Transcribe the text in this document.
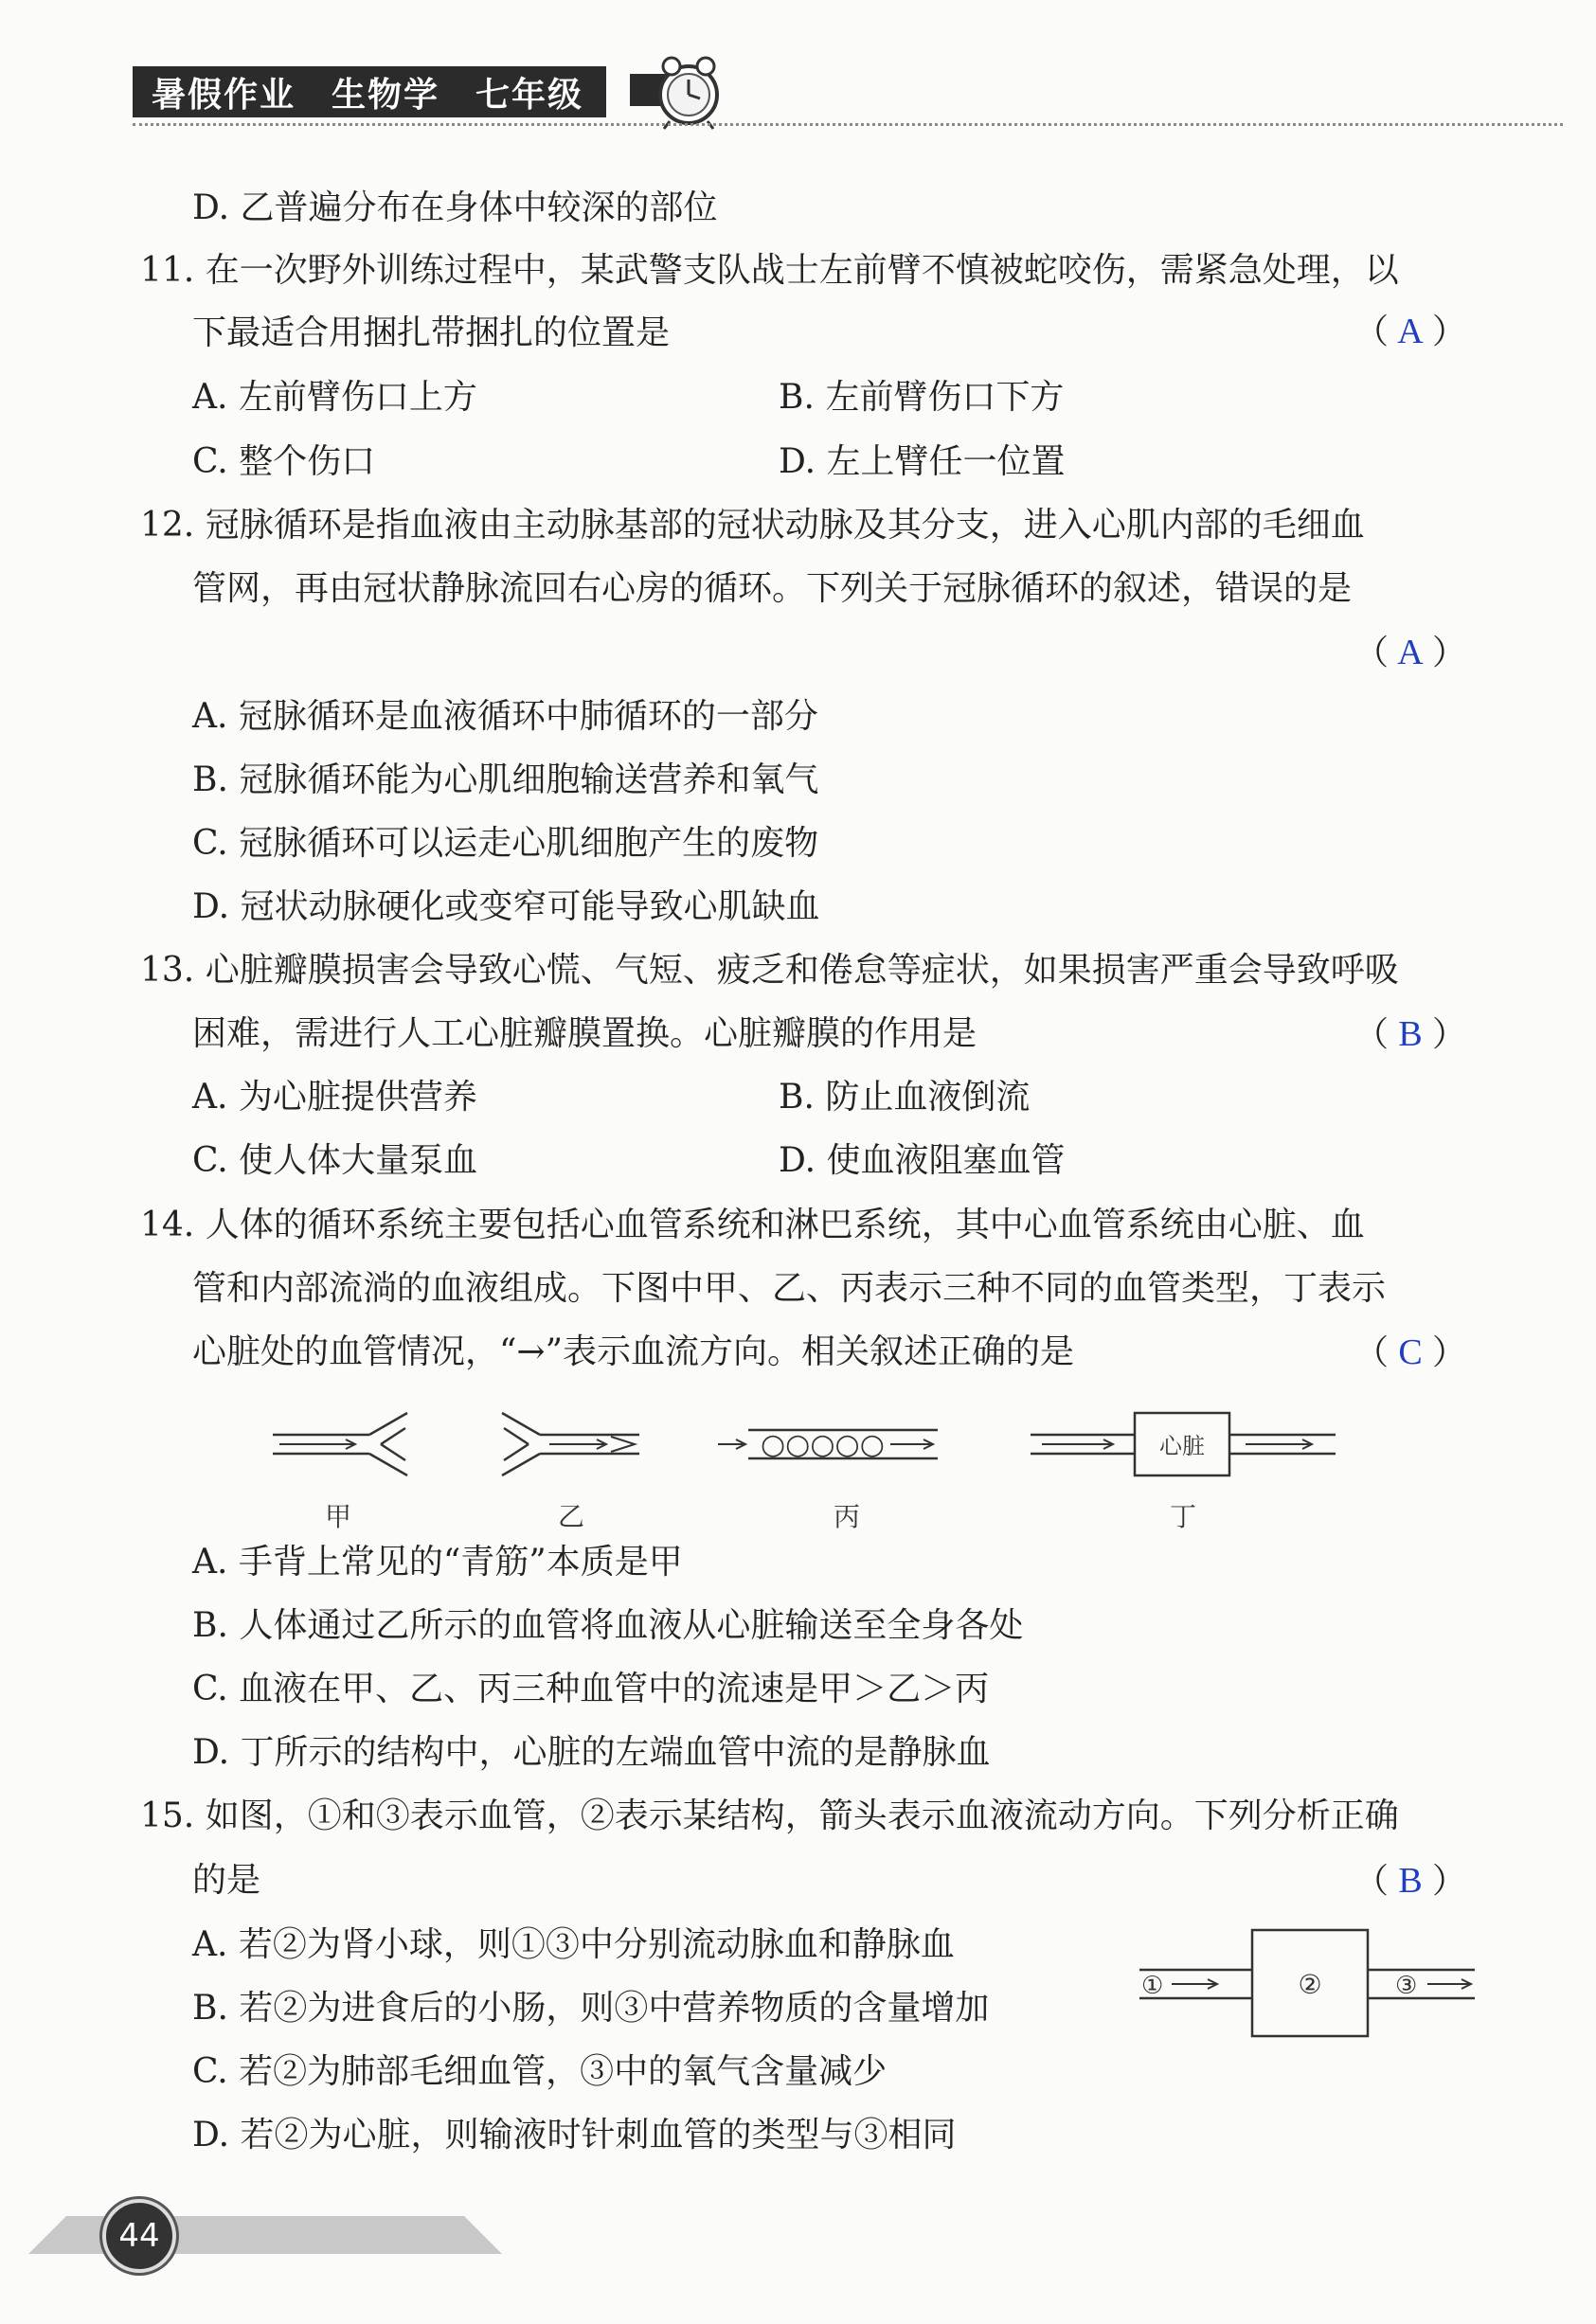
暑假作业　生物学　七年级
D. 乙普遍分布在身体中较深的部位
11. 在一次野外训练过程中，某武警支队战士左前臂不慎被蛇咬伤，需紧急处理，以
下最适合用捆扎带捆扎的位置是	（ A ）
A. 左前臂伤口上方	B. 左前臂伤口下方
C. 整个伤口	D. 左上臂任一位置
12. 冠脉循环是指血液由主动脉基部的冠状动脉及其分支，进入心肌内部的毛细血
管网，再由冠状静脉流回右心房的循环。下列关于冠脉循环的叙述，错误的是
（ A ）
A. 冠脉循环是血液循环中肺循环的一部分
B. 冠脉循环能为心肌细胞输送营养和氧气
C. 冠脉循环可以运走心肌细胞产生的废物
D. 冠状动脉硬化或变窄可能导致心肌缺血
13. 心脏瓣膜损害会导致心慌、气短、疲乏和倦怠等症状，如果损害严重会导致呼吸
困难，需进行人工心脏瓣膜置换。心脏瓣膜的作用是	（ B ）
A. 为心脏提供营养	B. 防止血液倒流
C. 使人体大量泵血	D. 使血液阻塞血管
14. 人体的循环系统主要包括心血管系统和淋巴系统，其中心血管系统由心脏、血
管和内部流淌的血液组成。下图中甲、乙、丙表示三种不同的血管类型，丁表示
心脏处的血管情况，“→”表示血流方向。相关叙述正确的是	（ C ）
○○○○○	心脏
甲	乙	丙	丁
A. 手背上常见的“青筋”本质是甲
B. 人体通过乙所示的血管将血液从心脏输送至全身各处
C. 血液在甲、乙、丙三种血管中的流速是甲＞乙＞丙
D. 丁所示的结构中，心脏的左端血管中流的是静脉血
15. 如图，①和③表示血管，②表示某结构，箭头表示血液流动方向。下列分析正确
的是	（ B ）
A. 若②为肾小球，则①③中分别流动脉血和静脉血
B. 若②为进食后的小肠，则③中营养物质的含量增加
C. 若②为肺部毛细血管，③中的氧气含量减少
D. 若②为心脏，则输液时针刺血管的类型与③相同
①	②	③
44
